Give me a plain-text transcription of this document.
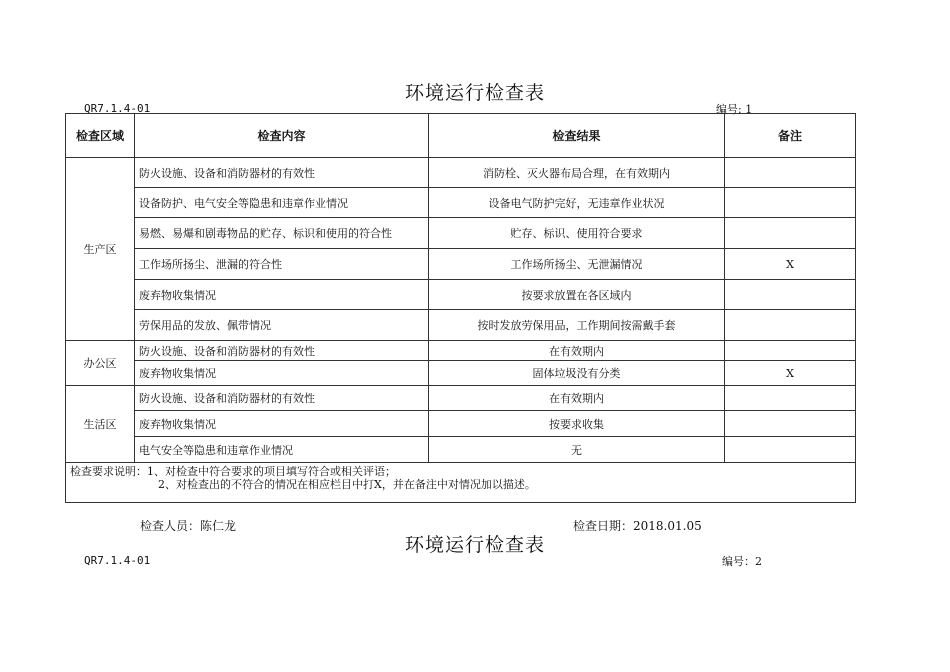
环境运行检查表
QR7.1.4-01	编号: 1
检查区域	检查内容	检查结果	备注
生产区	防火设施、设备和消防器材的有效性	消防栓、灭火器布局合理，在有效期内	
	设备防护、电气安全等隐患和违章作业情况	设备电气防护完好，无违章作业状况	
	易燃、易爆和剧毒物品的贮存、标识和使用的符合性	贮存、标识、使用符合要求	
	工作场所扬尘、泄漏的符合性	工作场所扬尘、无泄漏情况	X
	废弃物收集情况	按要求放置在各区域内	
	劳保用品的发放、佩带情况	按时发放劳保用品，工作期间按需戴手套	
办公区	防火设施、设备和消防器材的有效性	在有效期内	
	废弃物收集情况	固体垃圾没有分类	X
生活区	防火设施、设备和消防器材的有效性	在有效期内	
	废弃物收集情况	按要求收集	
	电气安全等隐患和违章作业情况	无	

检查要求说明：1、对检查中符合要求的项目填写符合或相关评语；
2、对检查出的不符合的情况在相应栏目中打X，并在备注中对情况加以描述。			
检查人员：陈仁龙	检查日期：2018.01.05
环境运行检查表
QR7.1.4-01	编号：2
